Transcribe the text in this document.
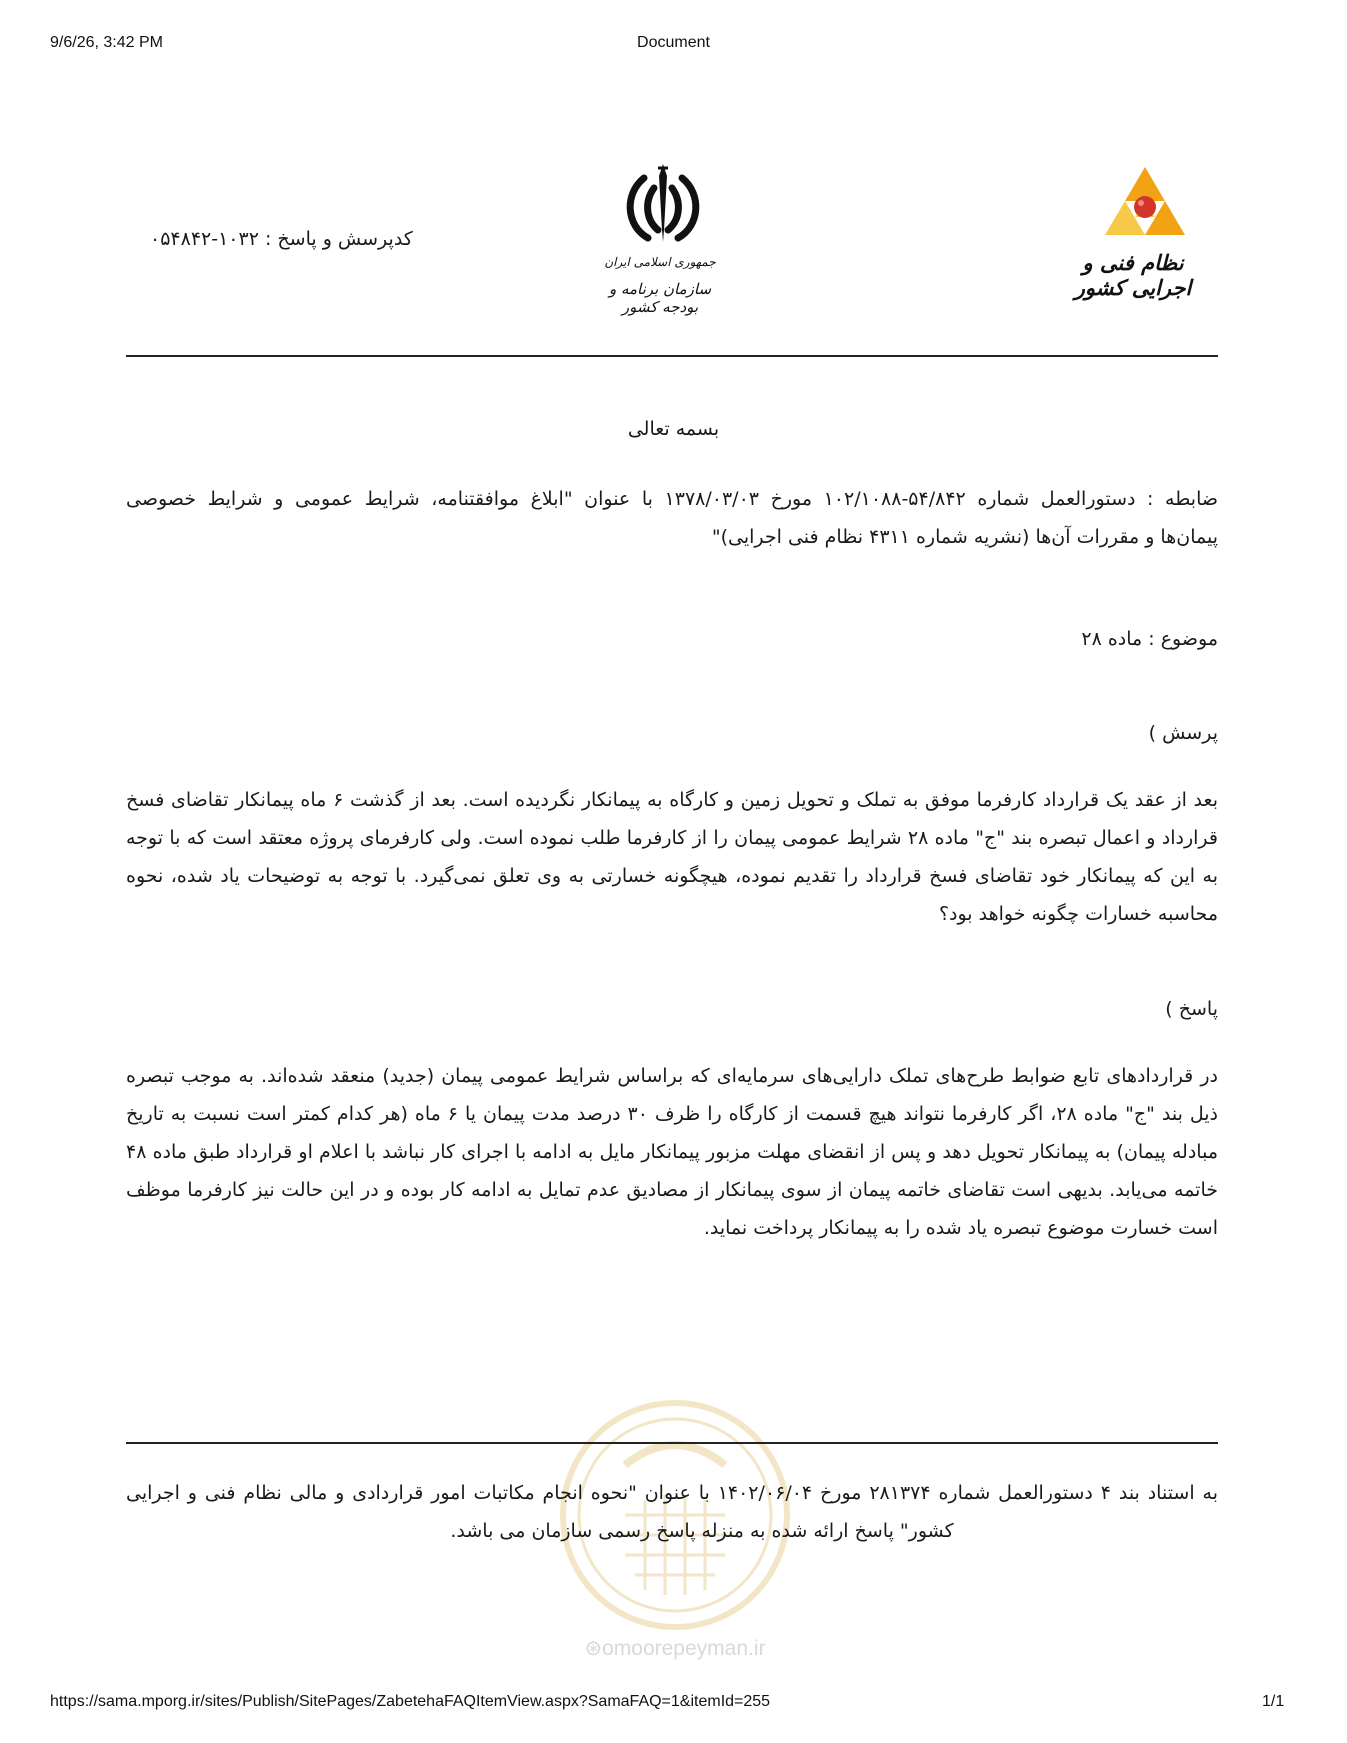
9/6/26, 3:42 PM	Document
کدپرسش و پاسخ : ۱۰۳۲-۰۵۴۸۴۲
جمهوری اسلامی ایران
سازمان برنامه و بودجه کشور
نظام فنی و اجرایی کشور
بسمه تعالی
ضابطه : دستورالعمل شماره ۵۴/۸۴۲-۱۰۲/۱۰۸۸ مورخ ۱۳۷۸/۰۳/۰۳ با عنوان "ابلاغ موافقتنامه، شرایط عمومی و شرایط خصوصی
پیمان‌ها و مقررات آن‌ها (نشریه شماره ۴۳۱۱ نظام فنی اجرایی)"
موضوع : ماده ۲۸
پرسش )
بعد از عقد یک قرارداد کارفرما موفق به تملک و تحویل زمین و کارگاه به پیمانکار نگردیده است. بعد از گذشت ۶ ماه پیمانکار تقاضای فسخ قرارداد و اعمال تبصره بند "ج" ماده ۲۸ شرایط عمومی پیمان را از کارفرما طلب نموده است. ولی کارفرمای پروژه معتقد است که با توجه به این که پیمانکار خود تقاضای فسخ قرارداد را تقدیم نموده، هیچگونه خسارتی به وی تعلق نمی‌گیرد. با توجه به توضیحات یاد شده، نحوه محاسبه خسارات چگونه خواهد بود؟
پاسخ )
در قراردادهای تابع ضوابط طرح‌های تملک دارایی‌های سرمایه‌ای که براساس شرایط عمومی پیمان (جدید) منعقد شده‌اند. به موجب تبصره ذیل بند "ج" ماده ۲۸، اگر کارفرما نتواند هیچ قسمت از کارگاه را ظرف ۳۰ درصد مدت پیمان یا ۶ ماه (هر کدام کمتر است نسبت به تاریخ مبادله پیمان) به پیمانکار تحویل دهد و پس از انقضای مهلت مزبور پیمانکار مایل به ادامه با اجرای کار نباشد با اعلام او قرارداد طبق ماده ۴۸ خاتمه می‌یابد. بدیهی است تقاضای خاتمه پیمان از سوی پیمانکار از مصادیق عدم تمایل به ادامه کار بوده و در این حالت نیز کارفرما موظف است خسارت موضوع تبصره یاد شده را به پیمانکار پرداخت نماید.
⊛omoorepeyman.ir
به استناد بند ۴ دستورالعمل شماره ۲۸۱۳۷۴ مورخ ۱۴۰۲/۰۶/۰۴ با عنوان "نحوه انجام مکاتبات امور قراردادی و مالی نظام فنی و اجرایی
کشور" پاسخ ارائه شده به منزله پاسخ رسمی سازمان می باشد.
https://sama.mporg.ir/sites/Publish/SitePages/ZabetehaFAQItemView.aspx?SamaFAQ=1&itemId=255	1/1
